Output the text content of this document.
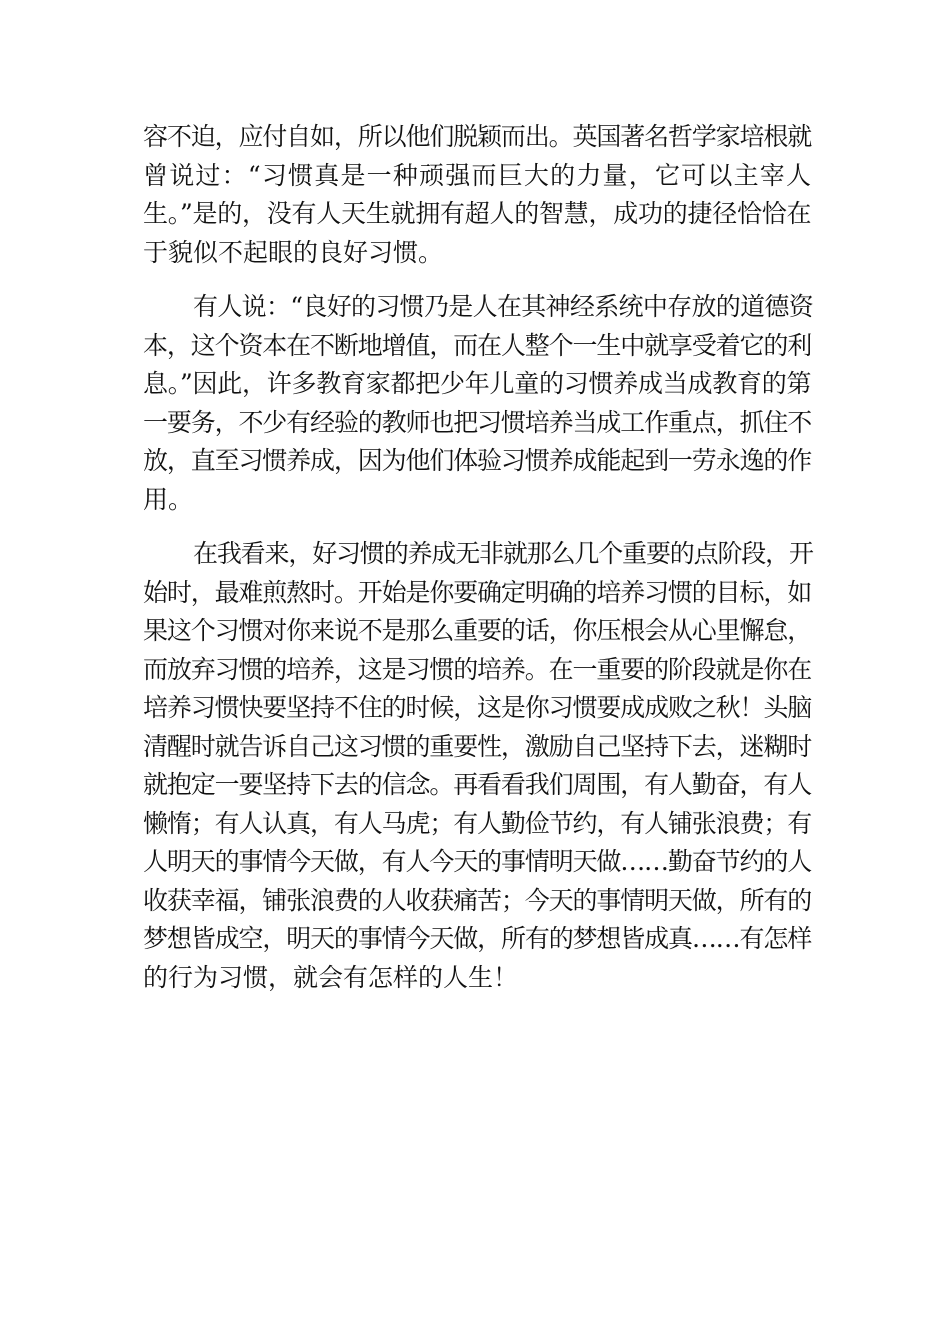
容不迫，应付自如，所以他们脱颖而出。英国著名哲学家培根就
曾说过：“习惯真是一种顽强而巨大的力量，它可以主宰人
生。”是的，没有人天生就拥有超人的智慧，成功的捷径恰恰在
于貌似不起眼的良好习惯。

有人说：“良好的习惯乃是人在其神经系统中存放的道德资
本，这个资本在不断地增值，而在人整个一生中就享受着它的利
息。”因此，许多教育家都把少年儿童的习惯养成当成教育的第
一要务，不少有经验的教师也把习惯培养当成工作重点，抓住不
放，直至习惯养成，因为他们体验习惯养成能起到一劳永逸的作
用。

在我看来，好习惯的养成无非就那么几个重要的点阶段，开
始时，最难煎熬时。开始是你要确定明确的培养习惯的目标，如
果这个习惯对你来说不是那么重要的话，你压根会从心里懈怠，
而放弃习惯的培养，这是习惯的培养。在一重要的阶段就是你在
培养习惯快要坚持不住的时候，这是你习惯要成成败之秋！头脑
清醒时就告诉自己这习惯的重要性，激励自己坚持下去，迷糊时
就抱定一要坚持下去的信念。再看看我们周围，有人勤奋，有人
懒惰；有人认真，有人马虎；有人勤俭节约，有人铺张浪费；有
人明天的事情今天做，有人今天的事情明天做……勤奋节约的人
收获幸福，铺张浪费的人收获痛苦；今天的事情明天做，所有的
梦想皆成空，明天的事情今天做，所有的梦想皆成真……有怎样
的行为习惯，就会有怎样的人生！
